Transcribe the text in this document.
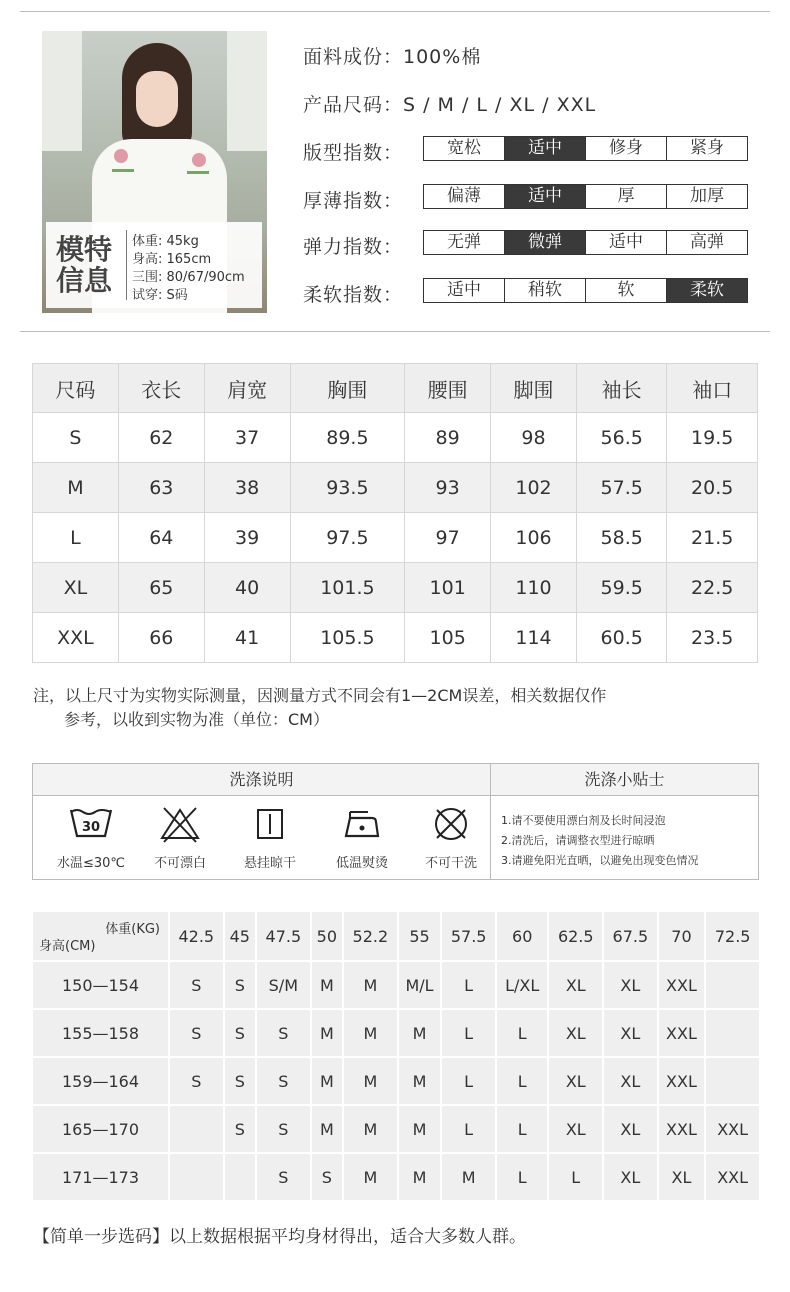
模特信息
体重: 45kg
身高: 165cm
三围: 80/67/90cm
试穿: S码
面料成份：100%棉
产品尺码：S / M / L / XL / XXL
版型指数：	宽松	适中	修身	紧身
厚薄指数：	偏薄	适中	厚	加厚
弹力指数：	无弹	微弹	适中	高弹
柔软指数：	适中	稍软	软	柔软
尺码	衣长	肩宽	胸围	腰围	脚围	袖长	袖口
S	62	37	89.5	89	98	56.5	19.5
M	63	38	93.5	93	102	57.5	20.5
L	64	39	97.5	97	106	58.5	21.5
XL	65	40	101.5	101	110	59.5	22.5
XXL	66	41	105.5	105	114	60.5	23.5
注，以上尺寸为实物实际测量，因测量方式不同会有1—2CM误差，相关数据仅作
参考，以收到实物为准（单位：CM）
洗涤说明	洗涤小贴士
30
水温≤30℃	不可漂白	悬挂晾干	低温熨烫	不可干洗
1.请不要使用漂白剂及长时间浸泡
2.清洗后，请调整衣型进行晾晒
3.请避免阳光直晒，以避免出现变色情况
体重(KG)
身高(CM)	42.5	45	47.5	50	52.2	55	57.5	60	62.5	67.5	70	72.5
150—154	S	S	S/M	M	M	M/L	L	L/XL	XL	XL	XXL	
155—158	S	S	S	M	M	M	L	L	XL	XL	XXL	
159—164	S	S	S	M	M	M	L	L	XL	XL	XXL	
165—170		S	S	M	M	M	L	L	XL	XL	XXL	XXL
171—173			S	S	M	M	M	L	L	XL	XL	XXL
【简单一步选码】以上数据根据平均身材得出，适合大多数人群。
